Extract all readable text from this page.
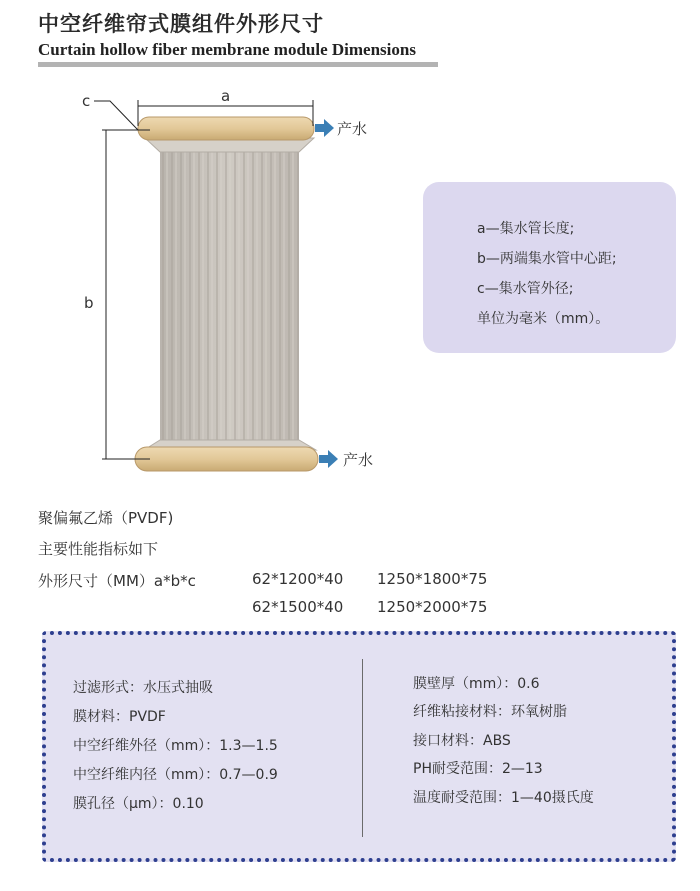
中空纤维帘式膜组件外形尺寸
Curtain hollow fiber membrane module Dimensions
a
b
c
产水
产水
a—集水管长度;
b—两端集水管中心距;
c—集水管外径;
单位为毫米（mm）。
聚偏氟乙烯（PVDF)
主要性能指标如下
外形尺寸（MM）a*b*c	62*1200*40 1250*1800*75
62*1500*40 1250*2000*75
过滤形式：水压式抽吸
膜材料：PVDF
中空纤维外径（mm）：1.3—1.5
中空纤维内径（mm）：0.7—0.9
膜孔径（μm）：0.10
膜壁厚（mm）：0.6
纤维粘接材料：环氧树脂
接口材料：ABS
PH耐受范围：2—13
温度耐受范围：1—40摄氏度
